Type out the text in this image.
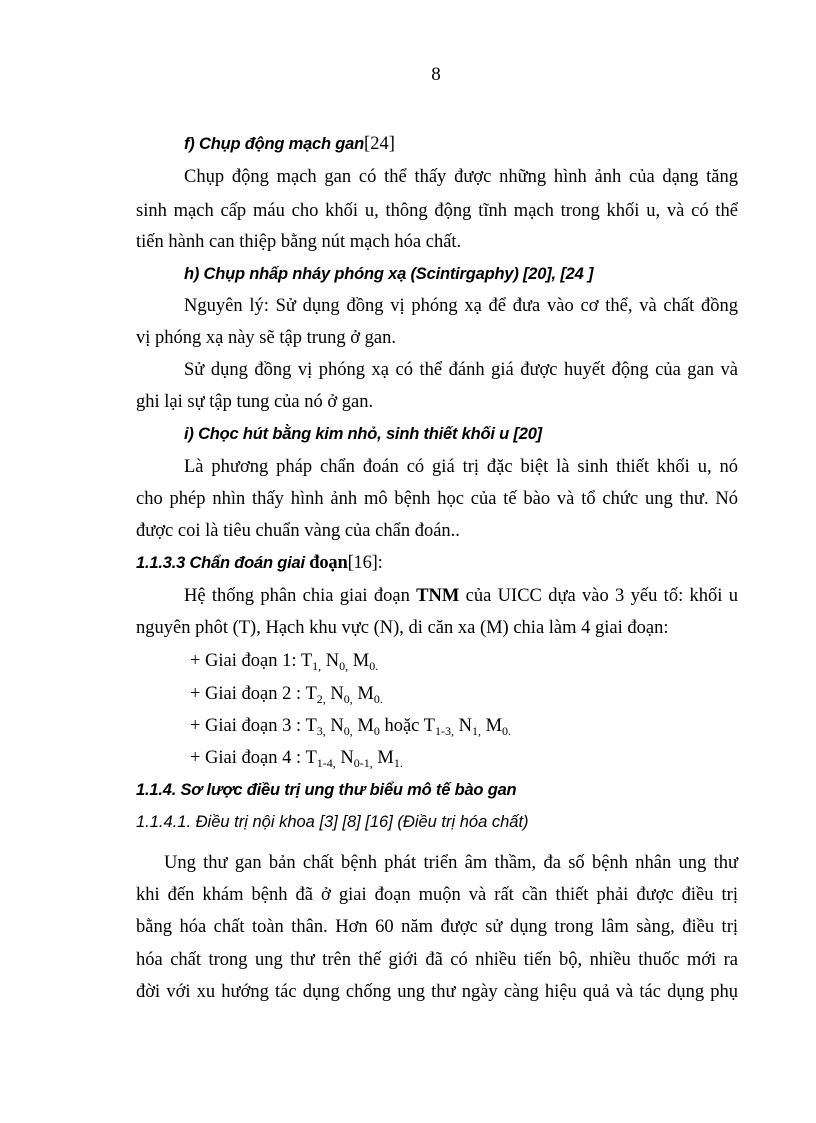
8
f) Chụp động mạch gan[24]
Chụp động mạch gan có thể thấy được những hình ảnh của dạng tăng
sinh mạch cấp máu cho khối u, thông động tĩnh mạch trong khối u, và có thể
tiến hành can thiệp bằng nút mạch hóa chất.
h) Chụp nhấp nháy phóng xạ (Scintirgaphy) [20], [24 ]
Nguyên lý: Sử dụng đồng vị phóng xạ để đưa vào cơ thể, và chất đồng
vị phóng xạ này sẽ tập trung ở gan.
Sử dụng đồng vị phóng xạ có thể đánh giá được huyết động của gan và
ghi lại sự tập tung của nó ở gan.
i) Chọc hút bằng kim nhỏ, sinh thiết khối u [20]
Là phương pháp chẩn đoán có giá trị đặc biệt là sinh thiết khối u, nó
cho phép nhìn thấy hình ảnh mô bệnh học của tế bào và tổ chức ung thư. Nó
được coi là tiêu chuẩn vàng của chẩn đoán..
1.1.3.3 Chẩn đoán giai đoạn[16]:
Hệ thống phân chia giai đoạn TNM của UICC dựa vào 3 yếu tố: khối u
nguyên phôt (T), Hạch khu vực (N), di căn xa (M) chia làm 4 giai đoạn:
+ Giai đoạn 1: $T_{1,}$ $N_{0,}$ $M_{0.}$
+ Giai đoạn 2 : $T_{2,}$ $N_{0,}$ $M_{0.}$
+ Giai đoạn 3 : $T_{3,}$ $N_{0,}$ $M_0$ hoặc $T_{1-3,}$ $N_{1,}$ $M_{0.}$
+ Giai đoạn 4 : $T_{1-4,}$ $N_{0-1,}$ $M_{1.}$
1.1.4. Sơ lược điều trị ung thư biểu mô tế bào gan
1.1.4.1. Điều trị nội khoa [3] [8] [16] (Điều trị hóa chất)
Ung thư gan bản chất bệnh phát triển âm thầm, đa số bệnh nhân ung thư
khi đến khám bệnh đã ở giai đoạn muộn và rất cần thiết phải được điều trị
bằng hóa chất toàn thân. Hơn 60 năm được sử dụng trong lâm sàng, điều trị
hóa chất trong ung thư trên thế giới đã có nhiều tiến bộ, nhiều thuốc mới ra
đời với xu hướng tác dụng chống ung thư ngày càng hiệu quả và tác dụng phụ
